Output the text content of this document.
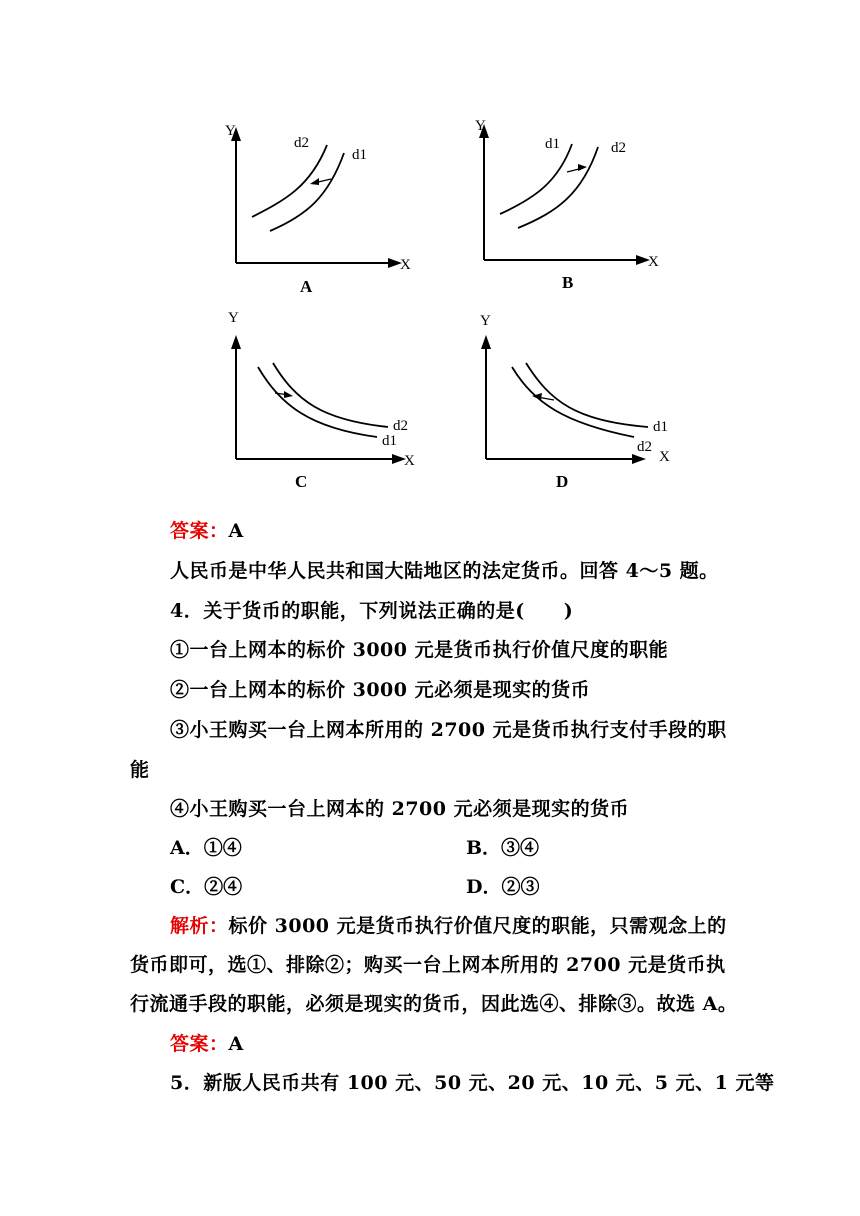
Y
X
d2
d1
A
Y
X
d1	d2
B
Y
X
d2
d1
C
Y
X
d1
d2
D
答案：A
人民币是中华人民共和国大陆地区的法定货币。回答 4～5 题。
4．关于货币的职能，下列说法正确的是(　　)
①一台上网本的标价 3000 元是货币执行价值尺度的职能
②一台上网本的标价 3000 元必须是现实的货币
③小王购买一台上网本所用的 2700 元是货币执行支付手段的职
能
④小王购买一台上网本的 2700 元必须是现实的货币
A．①④	B．③④
C．②④	D．②③
解析：标价 3000 元是货币执行价值尺度的职能，只需观念上的
货币即可，选①、排除②；购买一台上网本所用的 2700 元是货币执
行流通手段的职能，必须是现实的货币，因此选④、排除③。故选 A。
答案：A
5．新版人民币共有 100 元、50 元、20 元、10 元、5 元、1 元等
